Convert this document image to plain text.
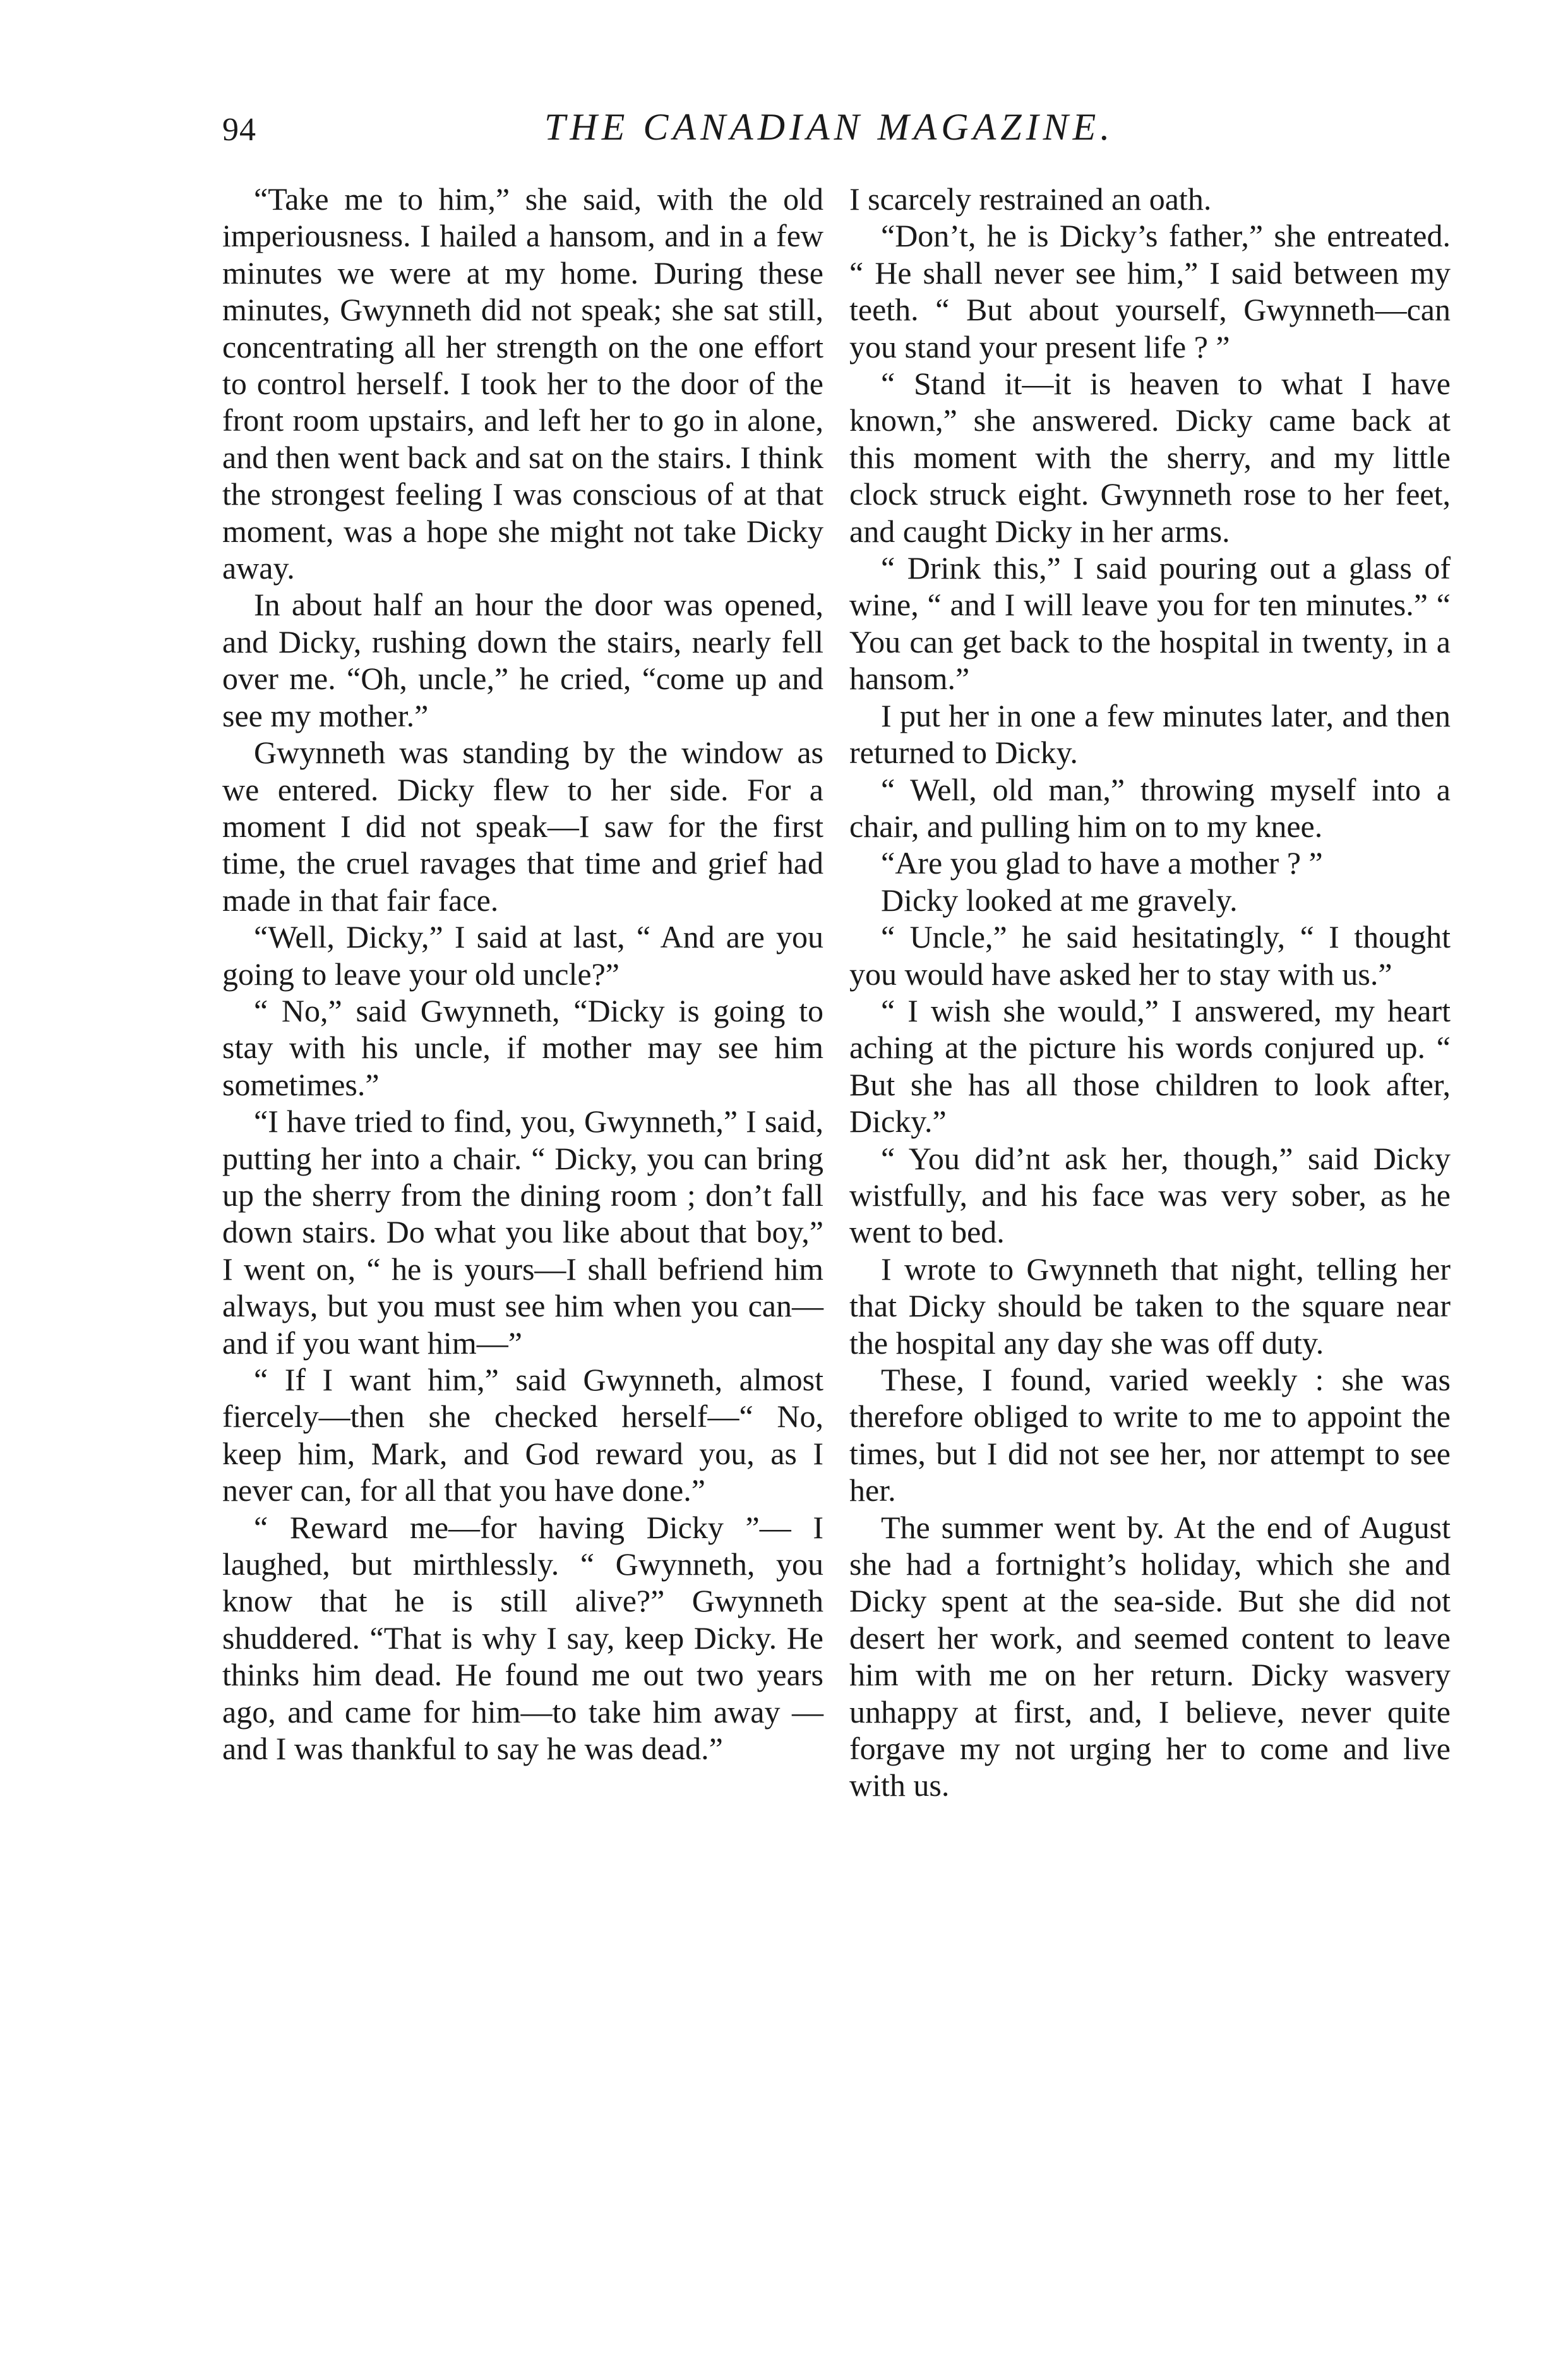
94	THE CANADIAN MAGAZINE.

“Take me to him,” she said, with the old imperiousness. I hailed a hansom, and in a few minutes we were at my home. During these minutes, Gwynneth did not speak; she sat still, concentrating all her strength on the one effort to control herself. I took her to the door of the front room upstairs, and left her to go in alone, and then went back and sat on the stairs. I think the strongest feeling I was conscious of at that moment, was a hope she might not take Dicky away.

In about half an hour the door was opened, and Dicky, rushing down the stairs, nearly fell over me. “Oh, uncle,” he cried, “come up and see my mother.”

Gwynneth was standing by the window as we entered. Dicky flew to her side. For a moment I did not speak—I saw for the first time, the cruel ravages that time and grief had made in that fair face.

“Well, Dicky,” I said at last, “ And are you going to leave your old uncle?”

“ No,” said Gwynneth, “Dicky is going to stay with his uncle, if mother may see him sometimes.”

“I have tried to find, you, Gwynneth,” I said, putting her into a chair. “ Dicky, you can bring up the sherry from the dining room ; don’t fall down stairs. Do what you like about that boy,” I went on, “ he is yours—I shall befriend him always, but you must see him when you can—and if you want him—”

“ If I want him,” said Gwynneth, almost fiercely—then she checked herself—“ No, keep him, Mark, and God reward you, as I never can, for all that you have done.”

“ Reward me—for having Dicky ”— I laughed, but mirthlessly. “ Gwynneth, you know that he is still alive?” Gwynneth shuddered. “That is why I say, keep Dicky. He thinks him dead. He found me out two years ago, and came for him—to take him away —and I was thankful to say he was dead.”

I scarcely restrained an oath.

“Don’t, he is Dicky’s father,” she entreated. “ He shall never see him,” I said between my teeth. “ But about yourself, Gwynneth—can you stand your present life ? ”

“ Stand it—it is heaven to what I have known,” she answered. Dicky came back at this moment with the sherry, and my little clock struck eight. Gwynneth rose to her feet, and caught Dicky in her arms.

“ Drink this,” I said pouring out a glass of wine, “ and I will leave you for ten minutes.” “ You can get back to the hospital in twenty, in a hansom.”

I put her in one a few minutes later, and then returned to Dicky.

“ Well, old man,” throwing myself into a chair, and pulling him on to my knee.

“Are you glad to have a mother ? ”

Dicky looked at me gravely.

“ Uncle,” he said hesitatingly, “ I thought you would have asked her to stay with us.”

“ I wish she would,” I answered, my heart aching at the picture his words conjured up. “ But she has all those children to look after, Dicky.”

“ You did’nt ask her, though,” said Dicky wistfully, and his face was very sober, as he went to bed.

I wrote to Gwynneth that night, telling her that Dicky should be taken to the square near the hospital any day she was off duty.

These, I found, varied weekly : she was therefore obliged to write to me to appoint the times, but I did not see her, nor attempt to see her.

The summer went by. At the end of August she had a fortnight’s holiday, which she and Dicky spent at the sea-side. But she did not desert her work, and seemed content to leave him with me on her return. Dicky wasvery unhappy at first, and, I believe, never quite forgave my not urging her to come and live with us.
